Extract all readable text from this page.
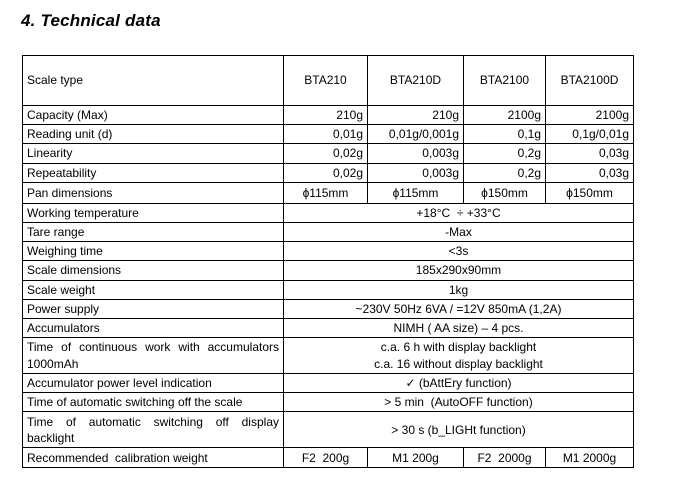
4. Technical data
Scale type	BTA210	BTA210D	BTA2100	BTA2100D
Capacity (Max)	210g	210g	2100g	2100g
Reading unit (d)	0,01g	0,01g/0,001g	0,1g	0,1g/0,01g
Linearity	0,02g	0,003g	0,2g	0,03g
Repeatability	0,02g	0,003g	0,2g	0,03g
Pan dimensions	ϕ115mm	ϕ115mm	ϕ150mm	ϕ150mm
Working temperature	+18°C  ÷ +33°C			
Tare range	-Max			
Weighing time	<3s			
Scale dimensions	185x290x90mm			
Scale weight	1kg			
Power supply	~230V 50Hz 6VA / =12V 850mA (1,2A)			
Accumulators	NIMH ( AA size) – 4 pcs.			
Time of continuous work with accumulators 1000mAh	c.a. 6 h with display backlight
c.a. 16 without display backlight			

Accumulator power level indication	✓ (bAttEry function)			
Time of automatic switching off the scale	> 5 min  (AutoOFF function)			
Time of automatic switching off display backlight	> 30 s (b_LIGHt function)			
Recommended  calibration weight	F2  200g	M1 200g	F2  2000g	M1 2000g
